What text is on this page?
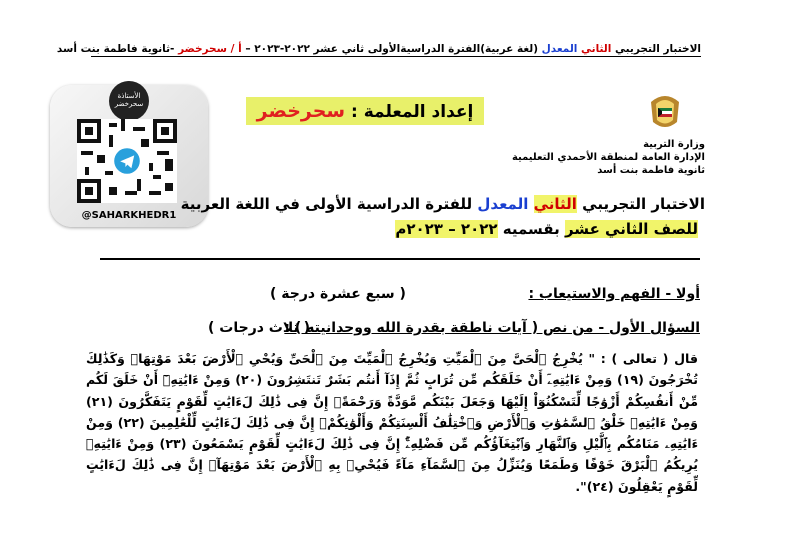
الاختبار التجريبي الثاني المعدل (لغة عربية)الفترة الدراسيةالأولى ثاني عشر ٢٠٢٢-٢٠٢٣ – أ / سحرخضر -ثانوية فاطمة بنت أسد
الأستاذة سحرخضر
@SAHARKHEDR1
إعداد المعلمة : سحرخضر
وزارة التربية
الإدارة العامة لمنطقة الأحمدي التعليمية
ثانوية فاطمة بنت أسد
الاختبار التجريبي الثاني المعدل للفترة الدراسية الأولى في اللغة العربية
للصف الثاني عشر بقسميه ٢٠٢٢ – ٢٠٢٣م
أولا - الفهم والاستيعاب :
( سبع عشرة درجة )
السؤال الأول - من نص ( آيات ناطقة بقدرة الله ووحدانيته ) :
( ثلاث درجات )
قال ( تعالى ) : " يُخْرِجُ ٱلْحَىَّ مِنَ ٱلْمَيِّتِ وَيُخْرِجُ ٱلْمَيِّتَ مِنَ ٱلْحَىِّ وَيُحْىِ ٱلْأَرْضَ بَعْدَ مَوْتِهَاۚ وَكَذَٰلِكَ تُخْرَجُونَ (١٩) وَمِنْ ءَايَٰتِهِۦٓ أَنْ خَلَقَكُم مِّن تُرَابٍ ثُمَّ إِذَآ أَنتُم بَشَرٌ تَنتَشِرُونَ (٢٠) وَمِنْ ءَايَٰتِهِۦٓ أَنْ خَلَقَ لَكُم مِّنْ أَنفُسِكُمْ أَزْوَٰجًا لِّتَسْكُنُوٓاْ إِلَيْهَا وَجَعَلَ بَيْنَكُم مَّوَدَّةً وَرَحْمَةًۚ إِنَّ فِى ذَٰلِكَ لَءَايَٰتٍ لِّقَوْمٍ يَتَفَكَّرُونَ (٢١) وَمِنْ ءَايَٰتِهِۦ خَلْقُ ٱلسَّمَٰوَٰتِ وَٱلْأَرْضِ وَٱخْتِلَٰفُ أَلْسِنَتِكُمْ وَأَلْوَٰنِكُمْۚ إِنَّ فِى ذَٰلِكَ لَءَايَٰتٍ لِّلْعَٰلِمِينَ (٢٢) وَمِنْ ءَايَٰتِهِۦ مَنَامُكُم بِٱلَّيْلِ وَٱلنَّهَارِ وَٱبْتِغَآؤُكُم مِّن فَضْلِهِۦٓۚ إِنَّ فِى ذَٰلِكَ لَءَايَٰتٍ لِّقَوْمٍ يَسْمَعُونَ (٢٣) وَمِنْ ءَايَٰتِهِۦ يُرِيكُمُ ٱلْبَرْقَ خَوْفًا وَطَمَعًا وَيُنَزِّلُ مِنَ ٱلسَّمَآءِ مَآءً فَيُحْىِۦ بِهِ ٱلْأَرْضَ بَعْدَ مَوْتِهَآۚ إِنَّ فِى ذَٰلِكَ لَءَايَٰتٍ لِّقَوْمٍ يَعْقِلُونَ (٢٤)".
